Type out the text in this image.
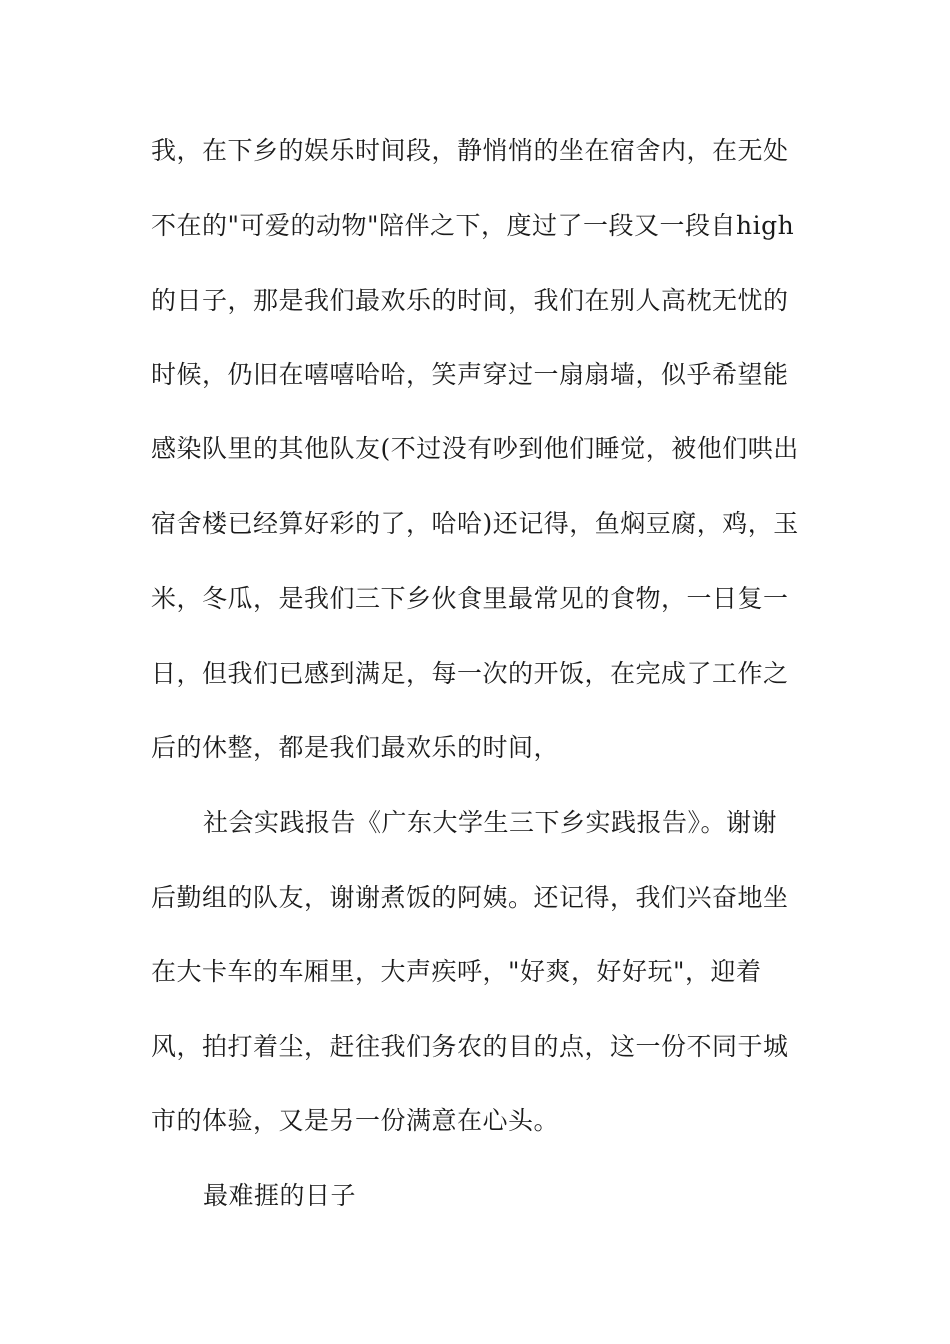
我，在下乡的娱乐时间段，静悄悄的坐在宿舍内，在无处
不在的"可爱的动物"陪伴之下，度过了一段又一段自high
的日子，那是我们最欢乐的时间，我们在别人高枕无忧的
时候，仍旧在嘻嘻哈哈，笑声穿过一扇扇墙，似乎希望能
感染队里的其他队友(不过没有吵到他们睡觉，被他们哄出
宿舍楼已经算好彩的了，哈哈)还记得，鱼焖豆腐，鸡，玉
米，冬瓜，是我们三下乡伙食里最常见的食物，一日复一
日，但我们已感到满足，每一次的开饭，在完成了工作之
后的休整，都是我们最欢乐的时间，
社会实践报告《广东大学生三下乡实践报告》。谢谢
后勤组的队友，谢谢煮饭的阿姨。还记得，我们兴奋地坐
在大卡车的车厢里，大声疾呼，"好爽，好好玩"，迎着
风，拍打着尘，赶往我们务农的目的点，这一份不同于城
市的体验，又是另一份满意在心头。
最难捱的日子
